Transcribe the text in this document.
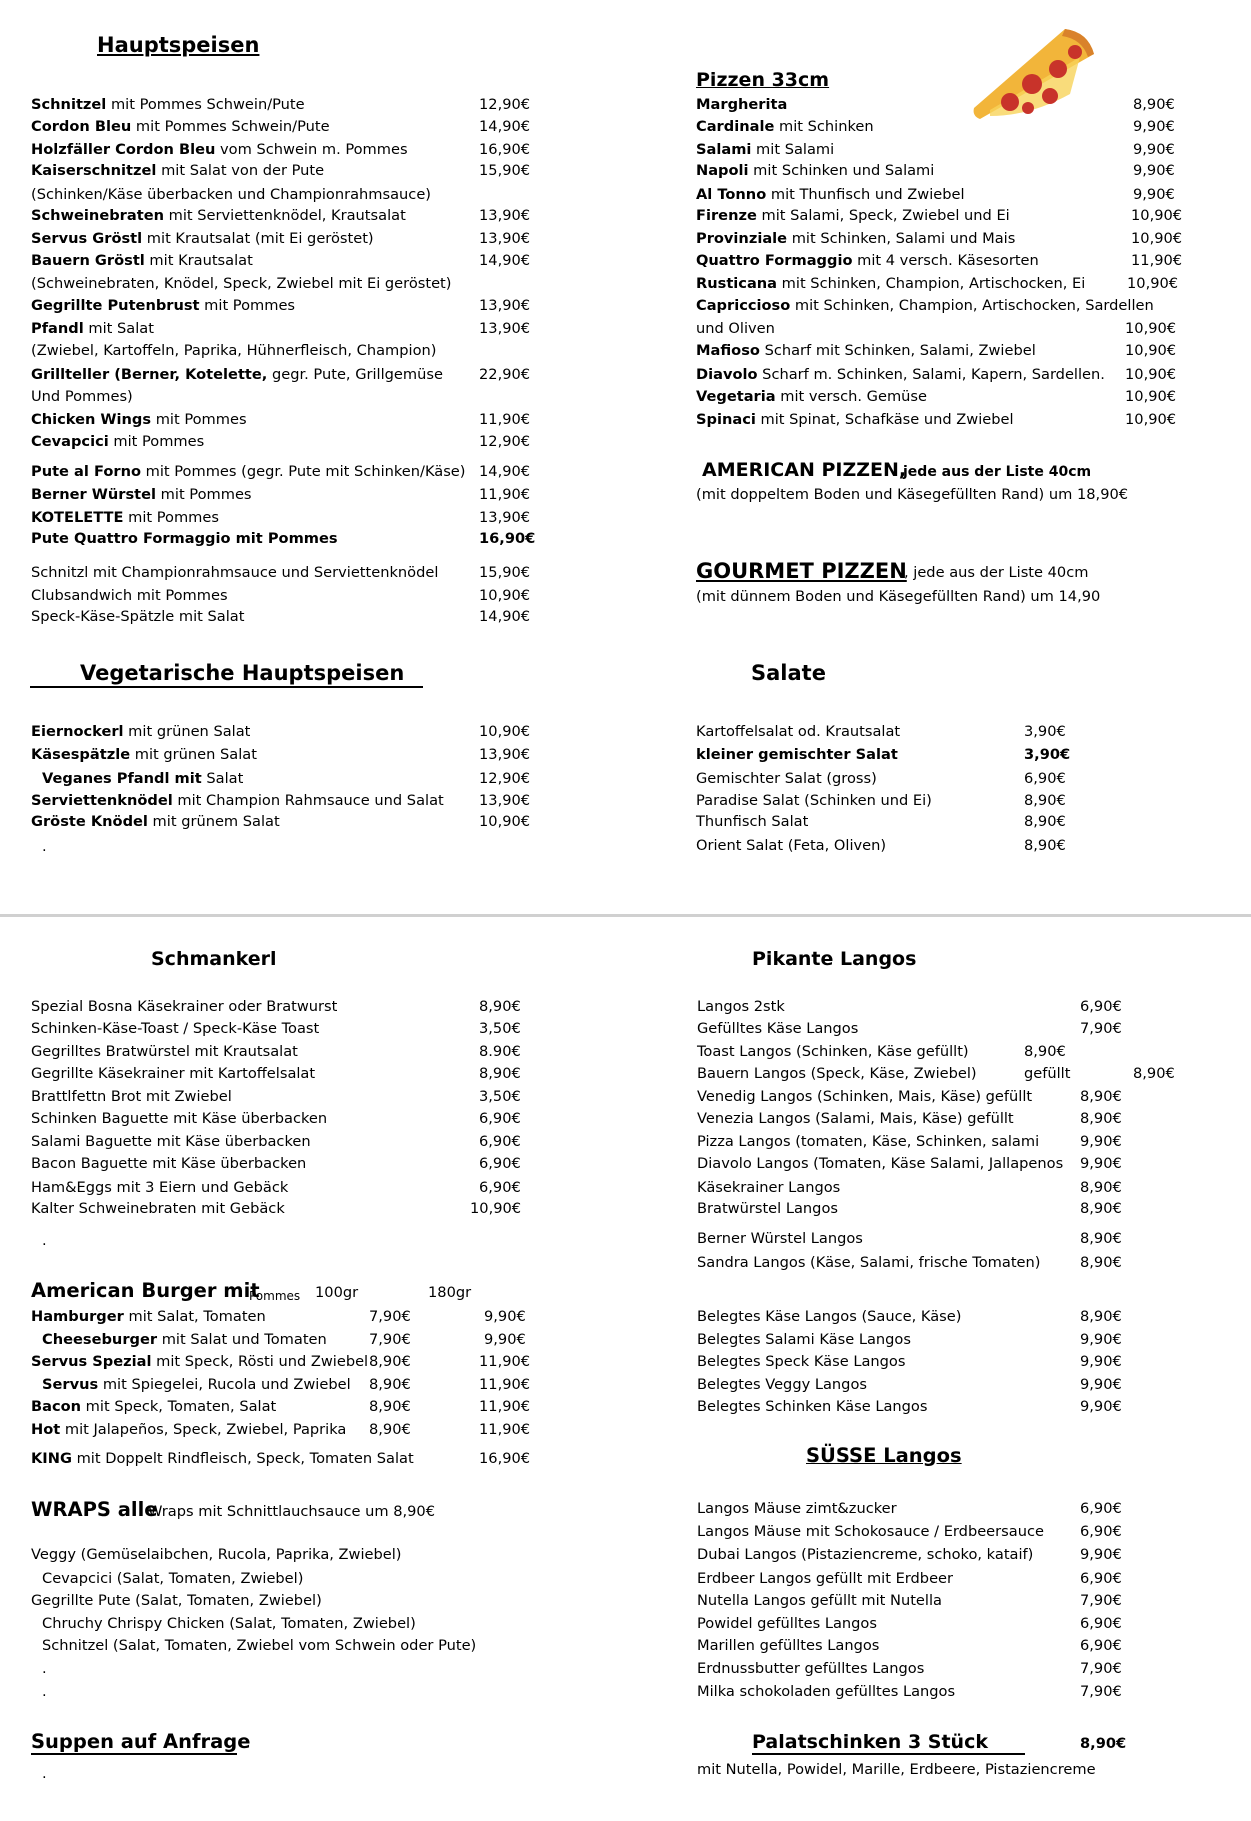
Hauptspeisen
Schnitzel mit Pommes Schwein/Pute	12,90€
Cordon Bleu mit Pommes Schwein/Pute	14,90€
Holzfäller Cordon Bleu vom Schwein m. Pommes	16,90€
Kaiserschnitzel mit Salat von der Pute	15,90€
(Schinken/Käse überbacken und Championrahmsauce)
Schweinebraten mit Serviettenknödel, Krautsalat	13,90€
Servus Gröstl mit Krautsalat (mit Ei geröstet)	13,90€
Bauern Gröstl mit Krautsalat	14,90€
(Schweinebraten, Knödel, Speck, Zwiebel mit Ei geröstet)
Gegrillte Putenbrust mit Pommes	13,90€
Pfandl mit Salat	13,90€
(Zwiebel, Kartoffeln, Paprika, Hühnerfleisch, Champion)
Grillteller (Berner, Kotelette, gegr. Pute, Grillgemüse 22,90€
Und Pommes)
Chicken Wings mit Pommes	11,90€
Cevapcici mit Pommes	12,90€
Pute al Forno mit Pommes (gegr. Pute mit Schinken/Käse) 14,90€
Berner Würstel mit Pommes	11,90€
KOTELETTE mit Pommes	13,90€
Pute Quattro Formaggio mit Pommes	16,90€
Schnitzl mit Championrahmsauce und Serviettenknödel	15,90€
Clubsandwich mit Pommes	10,90€
Speck-Käse-Spätzle mit Salat	14,90€
Pizzen 33cm
Margherita	8,90€
Cardinale mit Schinken	9,90€
Salami mit Salami	9,90€
Napoli mit Schinken und Salami	9,90€
Al Tonno mit Thunfisch und Zwiebel	9,90€
Firenze mit Salami, Speck, Zwiebel und Ei	10,90€
Provinziale mit Schinken, Salami und Mais	10,90€
Quattro Formaggio mit 4 versch. Käsesorten	11,90€
Rusticana mit Schinken, Champion, Artischocken, Ei	10,90€
Capriccioso mit Schinken, Champion, Artischocken, Sardellen
und Oliven	10,90€
Mafioso Scharf mit Schinken, Salami, Zwiebel	10,90€
Diavolo Scharf m. Schinken, Salami, Kapern, Sardellen. 10,90€
Vegetaria mit versch. Gemüse	10,90€
Spinaci mit Spinat, Schafkäse und Zwiebel	10,90€
AMERICAN PIZZEN,
jede aus der Liste 40cm
(mit doppeltem Boden und Käsegefüllten Rand) um 18,90€
GOURMET PIZZEN
, jede aus der Liste 40cm
(mit dünnem Boden und Käsegefüllten Rand) um 14,90
Vegetarische Hauptspeisen
Eiernockerl mit grünen Salat	10,90€
Käsespätzle mit grünen Salat	13,90€
Veganes Pfandl mit Salat	12,90€
Serviettenknödel mit Champion Rahmsauce und Salat 13,90€
Gröste Knödel mit grünem Salat	10,90€
.
Salate
Kartoffelsalat od. Krautsalat	3,90€
kleiner gemischter Salat	3,90€
Gemischter Salat (gross)	6,90€
Paradise Salat (Schinken und Ei)	8,90€
Thunfisch Salat	8,90€
Orient Salat (Feta, Oliven)	8,90€
Schmankerl
Spezial Bosna Käsekrainer oder Bratwurst	8,90€
Schinken-Käse-Toast / Speck-Käse Toast	3,50€
Gegrilltes Bratwürstel mit Krautsalat	8.90€
Gegrillte Käsekrainer mit Kartoffelsalat	8,90€
Brattlfettn Brot mit Zwiebel	3,50€
Schinken Baguette mit Käse überbacken	6,90€
Salami Baguette mit Käse überbacken	6,90€
Bacon Baguette mit Käse überbacken	6,90€
Ham&Eggs mit 3 Eiern und Gebäck	6,90€
Kalter Schweinebraten mit Gebäck	10,90€
.
American Burger mit
Pommes 100gr	180gr
Hamburger mit Salat, Tomaten	7,90€	9,90€
Cheeseburger mit Salat und Tomaten	7,90€	9,90€
Servus Spezial mit Speck, Rösti und Zwiebel 8,90€	11,90€
Servus mit Spiegelei, Rucola und Zwiebel 8,90€	11,90€
Bacon mit Speck, Tomaten, Salat	8,90€	11,90€
Hot mit Jalapeños, Speck, Zwiebel, Paprika 8,90€	11,90€
KING mit Doppelt Rindfleisch, Speck, Tomaten Salat	16,90€
WRAPS alle
Wraps mit Schnittlauchsauce um 8,90€
Veggy (Gemüselaibchen, Rucola, Paprika, Zwiebel)
Cevapcici (Salat, Tomaten, Zwiebel)
Gegrillte Pute (Salat, Tomaten, Zwiebel)
Chruchy Chrispy Chicken (Salat, Tomaten, Zwiebel)
Schnitzel (Salat, Tomaten, Zwiebel vom Schwein oder Pute)
.
.
Suppen auf Anfrage
.
Pikante Langos
Langos 2stk	6,90€
Gefülltes Käse Langos	7,90€
Toast Langos (Schinken, Käse gefüllt)	8,90€
Bauern Langos (Speck, Käse, Zwiebel)	gefüllt	8,90€
Venedig Langos (Schinken, Mais, Käse) gefüllt	8,90€
Venezia Langos (Salami, Mais, Käse) gefüllt	8,90€
Pizza Langos (tomaten, Käse, Schinken, salami	9,90€
Diavolo Langos (Tomaten, Käse Salami, Jallapenos 9,90€
Käsekrainer Langos	8,90€
Bratwürstel Langos	8,90€
Berner Würstel Langos	8,90€
Sandra Langos (Käse, Salami, frische Tomaten)	8,90€
Belegtes Käse Langos (Sauce, Käse)	8,90€
Belegtes Salami Käse Langos	9,90€
Belegtes Speck Käse Langos	9,90€
Belegtes Veggy Langos	9,90€
Belegtes Schinken Käse Langos	9,90€
SÜSSE Langos
Langos Mäuse zimt&zucker	6,90€
Langos Mäuse mit Schokosauce / Erdbeersauce 6,90€
Dubai Langos (Pistaziencreme, schoko, kataif)	9,90€
Erdbeer Langos gefüllt mit Erdbeer	6,90€
Nutella Langos gefüllt mit Nutella	7,90€
Powidel gefülltes Langos	6,90€
Marillen gefülltes Langos	6,90€
Erdnussbutter gefülltes Langos	7,90€
Milka schokoladen gefülltes Langos	7,90€
Palatschinken 3 Stück	8,90€
mit Nutella, Powidel, Marille, Erdbeere, Pistaziencreme
